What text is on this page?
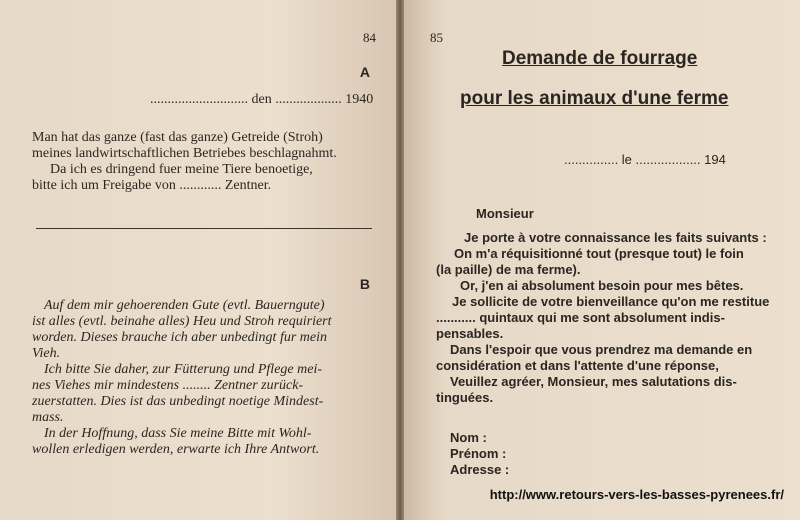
84
A
............................ den ................... 1940
Man hat das ganze (fast das ganze) Getreide (Stroh)
meines landwirtschaftlichen Betriebes beschlagnahmt.
Da ich es dringend fuer meine Tiere benoetige,
bitte ich um Freigabe von ............ Zentner.
B
Auf dem mir gehoerenden Gute (evtl. Bauerngute)
ist alles (evtl. beinahe alles) Heu und Stroh requiriert
worden. Dieses brauche ich aber unbedingt fur mein
Vieh.
Ich bitte Sie daher, zur Fütterung und Pflege mei-
nes Viehes mir mindestens ........ Zentner zurück-
zuerstatten. Dies ist das unbedingt noetige Mindest-
mass.
In der Hoffnung, dass Sie meine Bitte mit Wohl-
wollen erledigen werden, erwarte ich Ihre Antwort.
85
Demande de fourrage
pour les animaux d'une ferme
............... le .................. 194
Monsieur
Je porte à votre connaissance les faits suivants :
On m'a réquisitionné tout (presque tout) le foin
(la paille) de ma ferme).
Or, j'en ai absolument besoin pour mes bêtes.
Je sollicite de votre bienveillance qu'on me restitue
........... quintaux qui me sont absolument indis-
pensables.
Dans l'espoir que vous prendrez ma demande en
considération et dans l'attente d'une réponse,
Veuillez agréer, Monsieur, mes salutations dis-
tinguées.
Nom :
Prénom :
Adresse :
http://www.retours-vers-les-basses-pyrenees.fr/
